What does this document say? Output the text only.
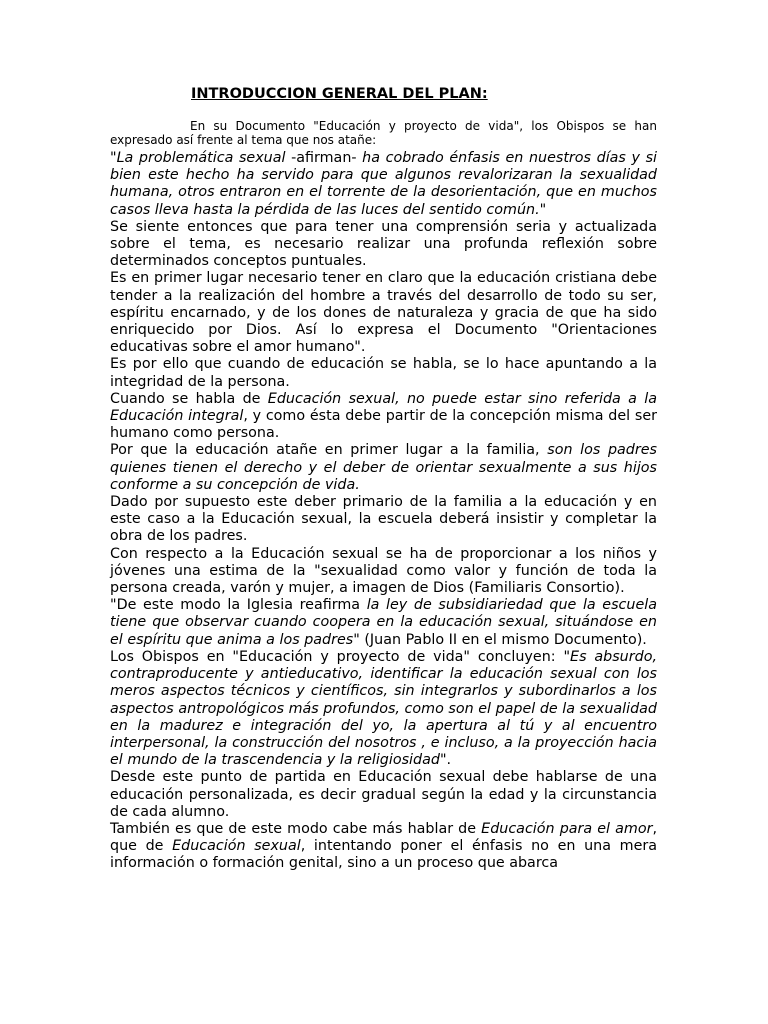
INTRODUCCION GENERAL DEL PLAN:

En su Documento "Educación y proyecto de vida", los Obispos se han expresado así frente al tema que nos atañe:

"La problemática sexual -afirman- ha cobrado énfasis en nuestros días y si bien este hecho ha servido para que algunos revalorizaran la sexualidad humana, otros entraron en el torrente de la desorientación, que en muchos casos lleva hasta la pérdida de las luces del sentido común."

Se siente entonces que para tener una comprensión seria y actualizada sobre el tema, es necesario realizar una profunda reflexión sobre determinados conceptos puntuales.

Es en primer lugar necesario tener en claro que la educación cristiana debe tender a la realización del hombre a través del desarrollo de todo su ser, espíritu encarnado, y de los dones de naturaleza y gracia de que ha sido enriquecido por Dios. Así lo expresa el Documento "Orientaciones educativas sobre el amor humano".

Es por ello que cuando de educación se habla, se lo hace apuntando a la integridad de la persona.

Cuando se habla de Educación sexual, no puede estar sino referida a la Educación integral, y como ésta debe partir de la concepción misma del ser humano como persona.

Por que la educación atañe en primer lugar a la familia, son los padres quienes tienen el derecho y el deber de orientar sexualmente a sus hijos conforme a su concepción de vida.

Dado por supuesto este deber primario de la familia a la educación y en este caso a la Educación sexual, la escuela deberá insistir y completar la obra de los padres.

Con respecto a la Educación sexual se ha de proporcionar a los niños y jóvenes una estima de la "sexualidad como valor y función de toda la persona creada, varón y mujer, a imagen de Dios (Familiaris Consortio).

"De este modo la Iglesia reafirma la ley de subsidiariedad que la escuela tiene que observar cuando coopera en la educación sexual, situándose en el espíritu que anima a los padres" (Juan Pablo II en el mismo Documento).

Los Obispos en "Educación y proyecto de vida" concluyen: "Es absurdo, contraproducente y antieducativo, identificar la educación sexual con los meros aspectos técnicos y científicos, sin integrarlos y subordinarlos a los aspectos antropológicos más profundos, como son el papel de la sexualidad en la madurez e integración del yo, la apertura al tú y al encuentro interpersonal, la construcción del nosotros , e incluso, a la proyección hacia el mundo de la trascendencia y la religiosidad".

Desde este punto de partida en Educación sexual debe hablarse de una educación personalizada, es decir gradual según la edad y la circunstancia de cada alumno.

También es que de este modo cabe más hablar de Educación para el amor, que de Educación sexual, intentando poner el énfasis no en una mera información o formación genital, sino a un proceso que abarca
